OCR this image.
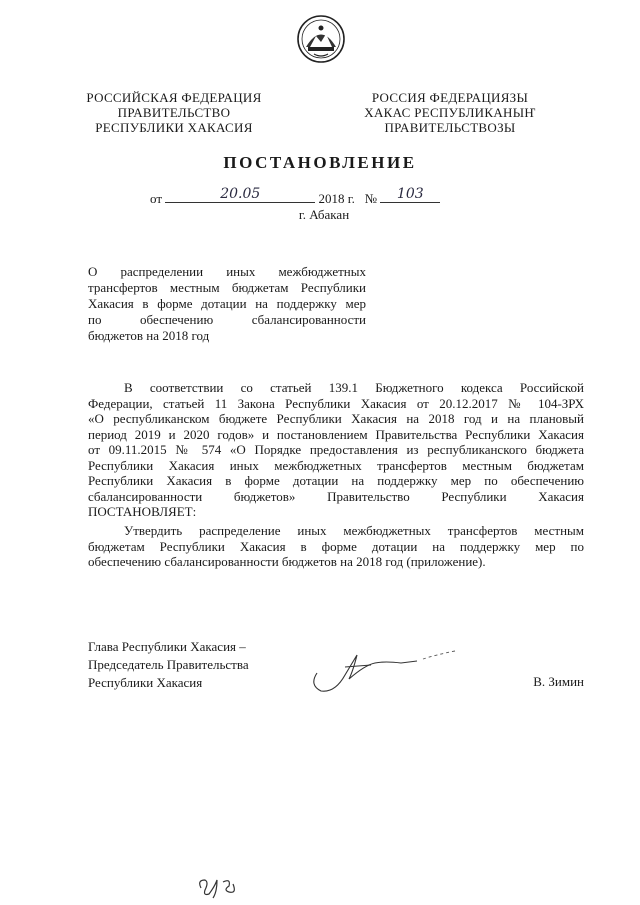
РОССИЙСКАЯ ФЕДЕРАЦИЯ
ПРАВИТЕЛЬСТВО
РЕСПУБЛИКИ ХАКАСИЯ
РОССИЯ ФЕДЕРАЦИЯЗЫ
ХАКАС РЕСПУБЛИКАНЫҤ
ПРАВИТЕЛЬСТВОЗЫ
ПОСТАНОВЛЕНИЕ
от	20.05	2018 г. №	103
г. Абакан
О распределении иных межбюджетных
трансфертов местным бюджетам Республики
Хакасия в форме дотации на поддержку мер
по обеспечению сбалансированности
бюджетов на 2018 год
В соответствии со статьей 139.1 Бюджетного кодекса Российской
Федерации, статьей 11 Закона Республики Хакасия от 20.12.2017 № 104-ЗРХ
«О республиканском бюджете Республики Хакасия на 2018 год и на плановый
период 2019 и 2020 годов» и постановлением Правительства Республики Хакасия
от 09.11.2015 № 574 «О Порядке предоставления из республиканского бюджета
Республики Хакасия иных межбюджетных трансфертов местным бюджетам
Республики Хакасия в форме дотации на поддержку мер по обеспечению
сбалансированности бюджетов» Правительство Республики Хакасия
ПОСТАНОВЛЯЕТ:
Утвердить распределение иных межбюджетных трансфертов местным
бюджетам Республики Хакасия в форме дотации на поддержку мер по
обеспечению сбалансированности бюджетов на 2018 год (приложение).
Глава Республики Хакасия –
Председатель Правительства
Республики Хакасия	В. Зимин
